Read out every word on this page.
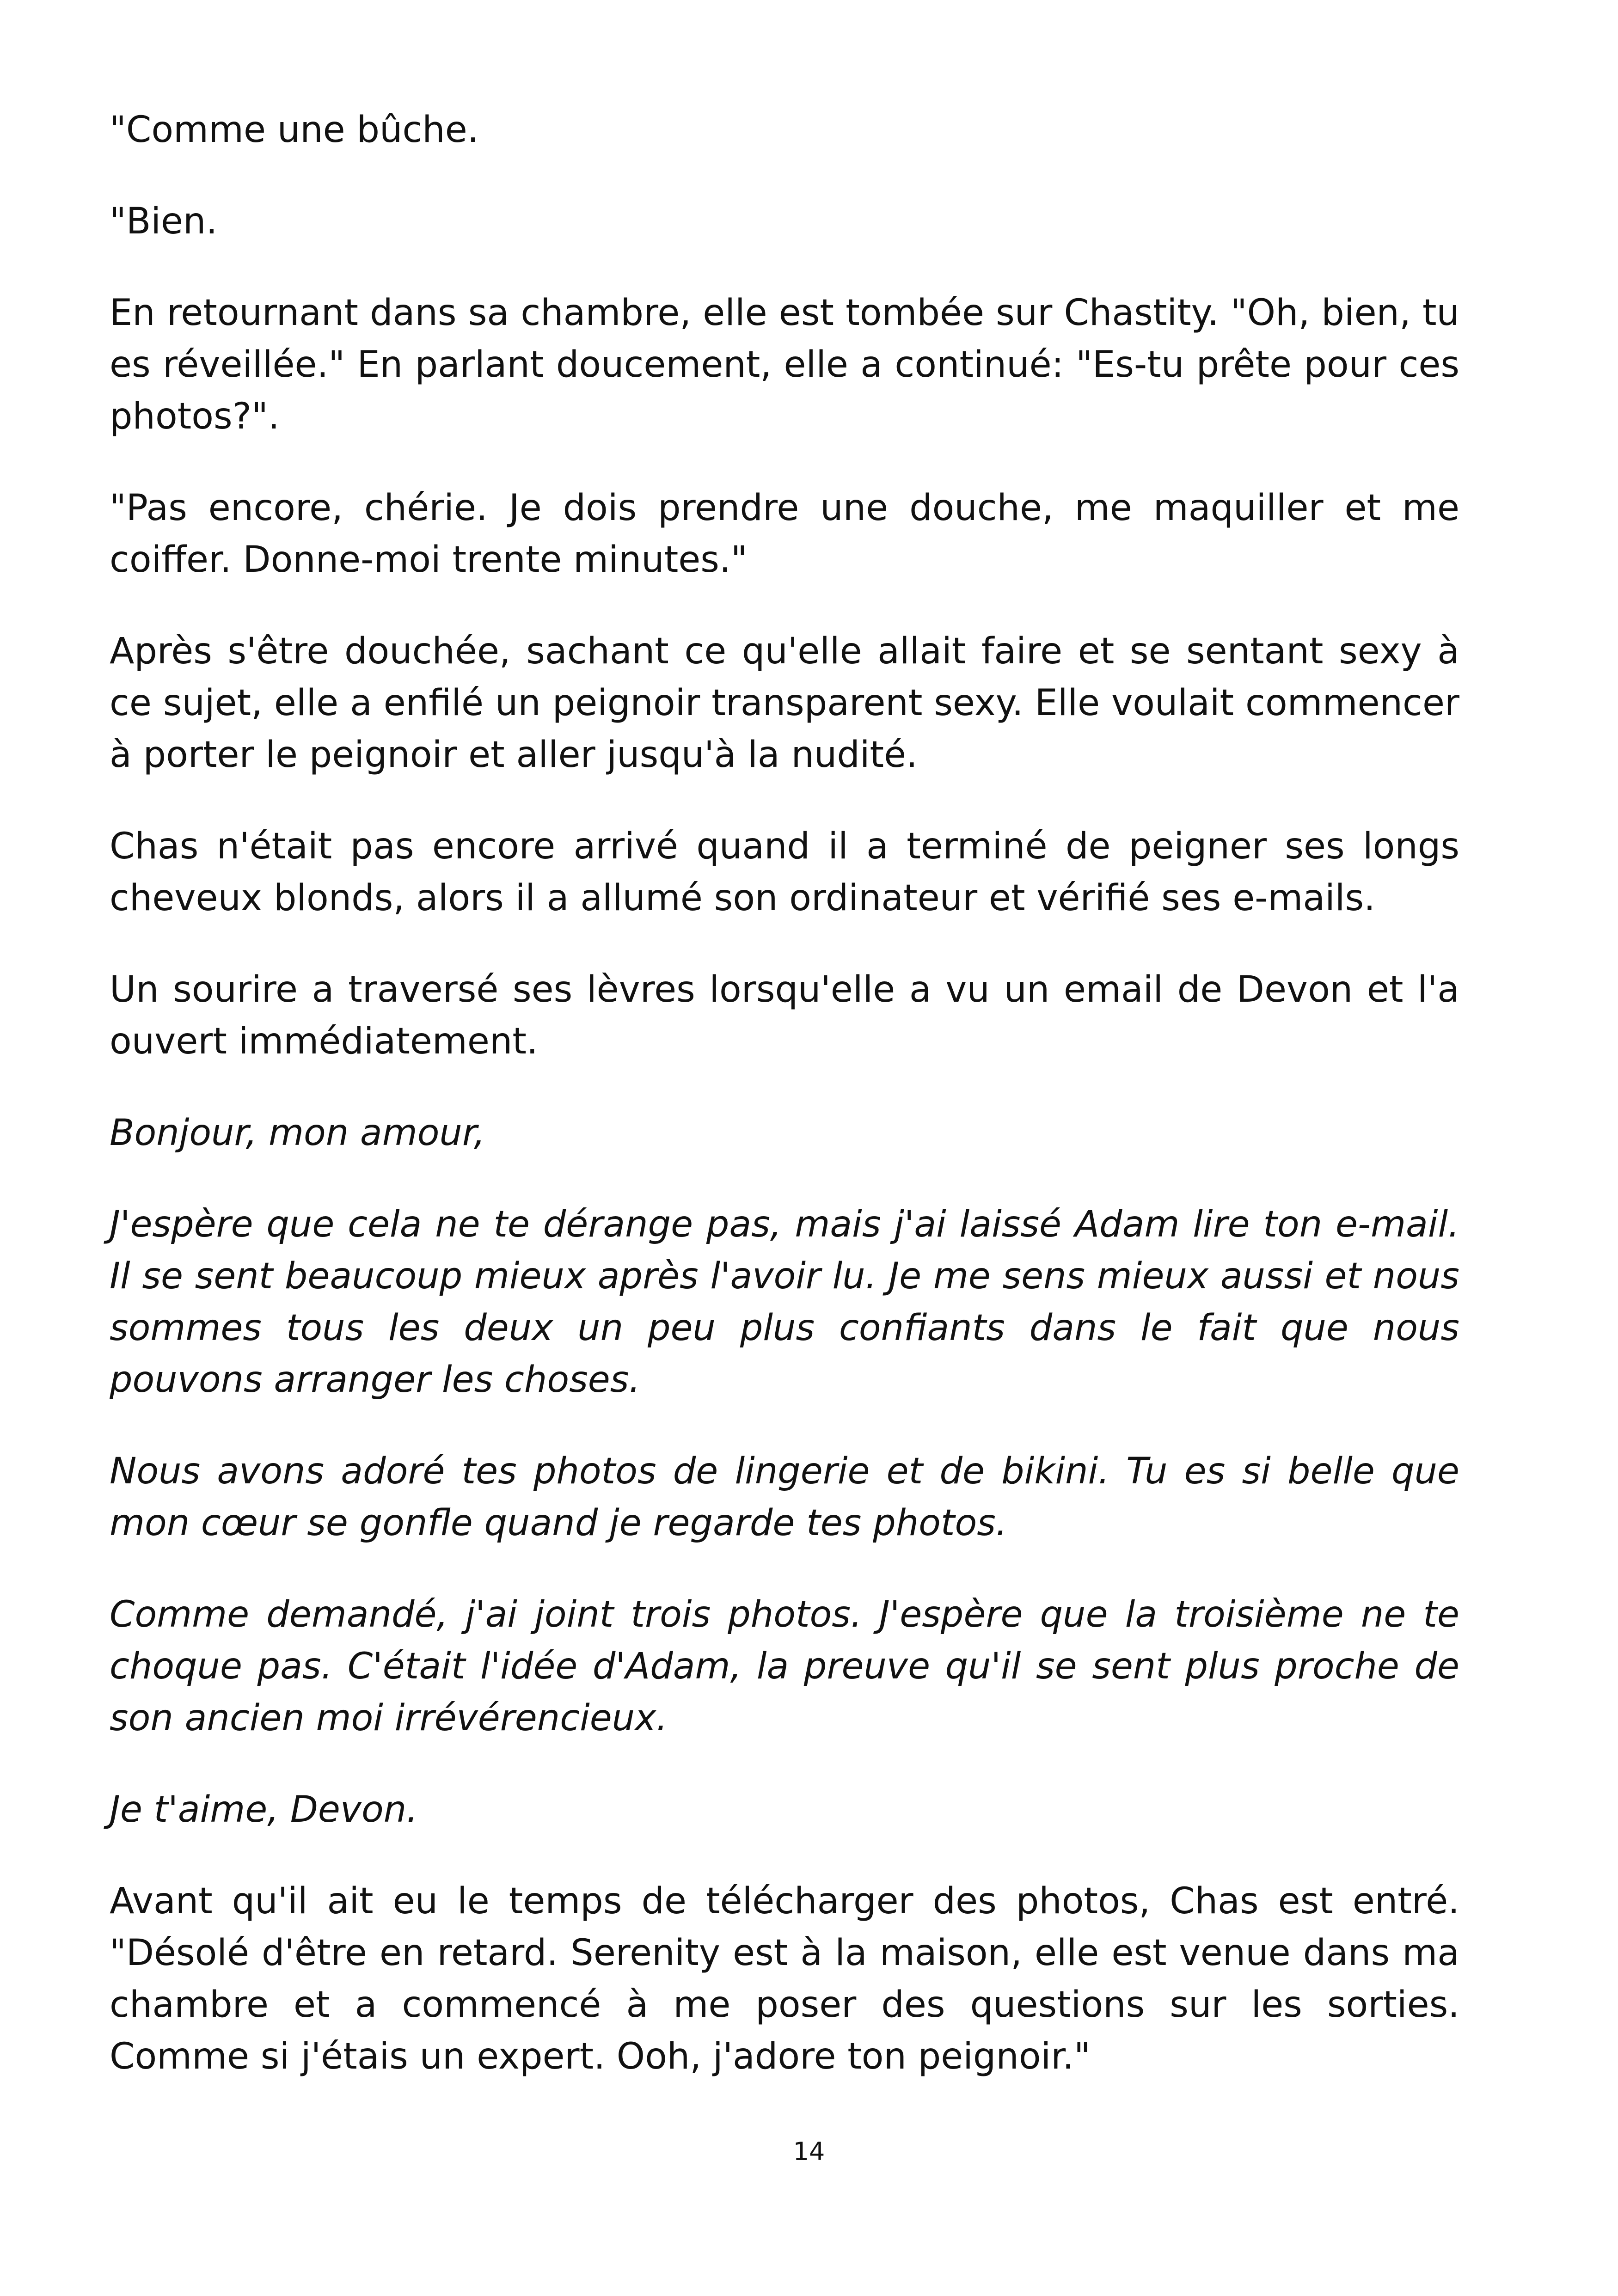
"Comme une bûche.

"Bien.

En retournant dans sa chambre, elle est tombée sur Chastity. "Oh, bien, tu es réveillée." En parlant doucement, elle a continué: "Es-tu prête pour ces photos?".

"Pas encore, chérie. Je dois prendre une douche, me maquiller et me coiffer. Donne-moi trente minutes."

Après s'être douchée, sachant ce qu'elle allait faire et se sentant sexy à ce sujet, elle a enfilé un peignoir transparent sexy. Elle voulait commencer à porter le peignoir et aller jusqu'à la nudité.

Chas n'était pas encore arrivé quand il a terminé de peigner ses longs cheveux blonds, alors il a allumé son ordinateur et vérifié ses e-mails.

Un sourire a traversé ses lèvres lorsqu'elle a vu un email de Devon et l'a ouvert immédiatement.

Bonjour, mon amour,

J'espère que cela ne te dérange pas, mais j'ai laissé Adam lire ton e-mail. Il se sent beaucoup mieux après l'avoir lu. Je me sens mieux aussi et nous sommes tous les deux un peu plus confiants dans le fait que nous pouvons arranger les choses.

Nous avons adoré tes photos de lingerie et de bikini. Tu es si belle que mon cœur se gonfle quand je regarde tes photos.

Comme demandé, j'ai joint trois photos. J'espère que la troisième ne te choque pas. C'était l'idée d'Adam, la preuve qu'il se sent plus proche de son ancien moi irrévérencieux.

Je t'aime, Devon.

Avant qu'il ait eu le temps de télécharger des photos, Chas est entré. "Désolé d'être en retard. Serenity est à la maison, elle est venue dans ma chambre et a commencé à me poser des questions sur les sorties. Comme si j'étais un expert. Ooh, j'adore ton peignoir."

14
